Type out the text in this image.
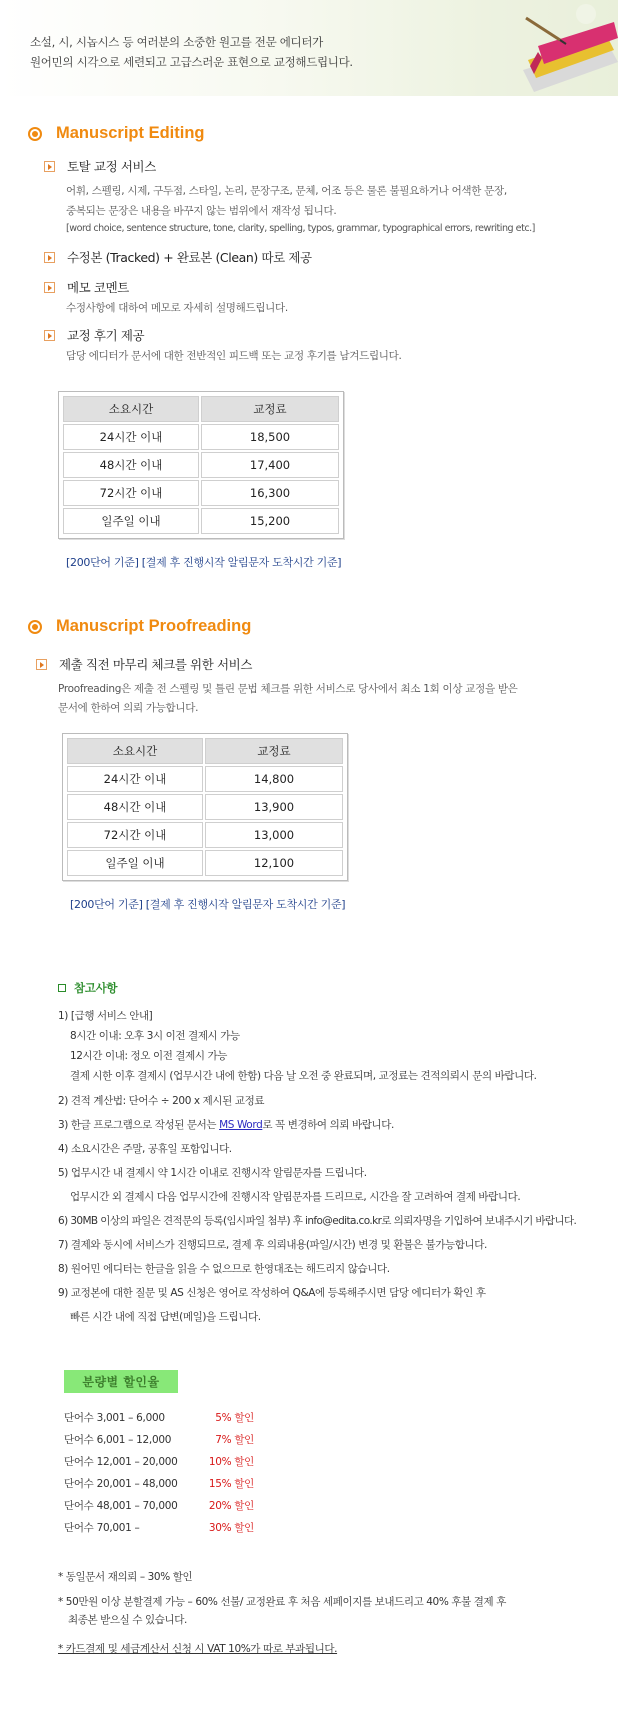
소설, 시, 시놉시스 등 여러분의 소중한 원고를 전문 에디터가
원어민의 시각으로 세련되고 고급스러운 표현으로 교정해드립니다.
Manuscript Editing
토탈 교정 서비스
어휘, 스펠링, 시제, 구두점, 스타일, 논리, 문장구조, 문체, 어조 등은 물론 불필요하거나 어색한 문장,
중복되는 문장은 내용을 바꾸지 않는 범위에서 재작성 됩니다.
[word choice, sentence structure, tone, clarity, spelling, typos, grammar, typographical errors, rewriting etc.]
수정본 (Tracked) + 완료본 (Clean) 따로 제공
메모 코멘트
수정사항에 대하여 메모로 자세히 설명해드립니다.
교정 후기 제공
담당 에디터가 문서에 대한 전반적인 피드백 또는 교정 후기를 남겨드립니다.
소요시간	교정료
24시간 이내	18,500
48시간 이내	17,400
72시간 이내	16,300
일주일 이내	15,200
[200단어 기준] [결제 후 진행시작 알림문자 도착시간 기준]
Manuscript Proofreading
제출 직전 마무리 체크를 위한 서비스
Proofreading은 제출 전 스펠링 및 틀린 문법 체크를 위한 서비스로 당사에서 최소 1회 이상 교정을 받은
문서에 한하여 의뢰 가능합니다.
소요시간	교정료
24시간 이내	14,800
48시간 이내	13,900
72시간 이내	13,000
일주일 이내	12,100
[200단어 기준] [결제 후 진행시작 알림문자 도착시간 기준]
참고사항
1) [급행 서비스 안내]
8시간 이내: 오후 3시 이전 결제시 가능
12시간 이내: 정오 이전 결제시 가능
결제 시한 이후 결제시 (업무시간 내에 한함) 다음 날 오전 중 완료되며, 교정료는 견적의뢰시 문의 바랍니다.
2) 견적 계산법: 단어수 ÷ 200 x 제시된 교정료
3) 한글 프로그램으로 작성된 문서는 MS Word로 꼭 변경하여 의뢰 바랍니다.
4) 소요시간은 주말, 공휴일 포함입니다.
5) 업무시간 내 결제시 약 1시간 이내로 진행시작 알림문자를 드립니다.
업무시간 외 결제시 다음 업무시간에 진행시작 알림문자를 드리므로, 시간을 잘 고려하여 결제 바랍니다.
6) 30MB 이상의 파일은 견적문의 등록(임시파일 첨부) 후 info@edita.co.kr로 의뢰자명을 기입하여 보내주시기 바랍니다.
7) 결제와 동시에 서비스가 진행되므로, 결제 후 의뢰내용(파일/시간) 변경 및 환불은 불가능합니다.
8) 원어민 에디터는 한글을 읽을 수 없으므로 한영대조는 해드리지 않습니다.
9) 교정본에 대한 질문 및 AS 신청은 영어로 작성하여 Q&A에 등록해주시면 담당 에디터가 확인 후
빠른 시간 내에 직접 답변(메일)을 드립니다.
분량별 할인율
단어수 3,001 – 6,000	5% 할인
단어수 6,001 – 12,000	7% 할인
단어수 12,001 – 20,000	10% 할인
단어수 20,001 – 48,000	15% 할인
단어수 48,001 – 70,000	20% 할인
단어수 70,001 –	30% 할인
* 동일문서 재의뢰 – 30% 할인
* 50만원 이상 분할결제 가능 – 60% 선불/ 교정완료 후 처음 세페이지를 보내드리고 40% 후불 결제 후
최종본 받으실 수 있습니다.
* 카드결제 및 세금계산서 신청 시 VAT 10%가 따로 부과됩니다.
